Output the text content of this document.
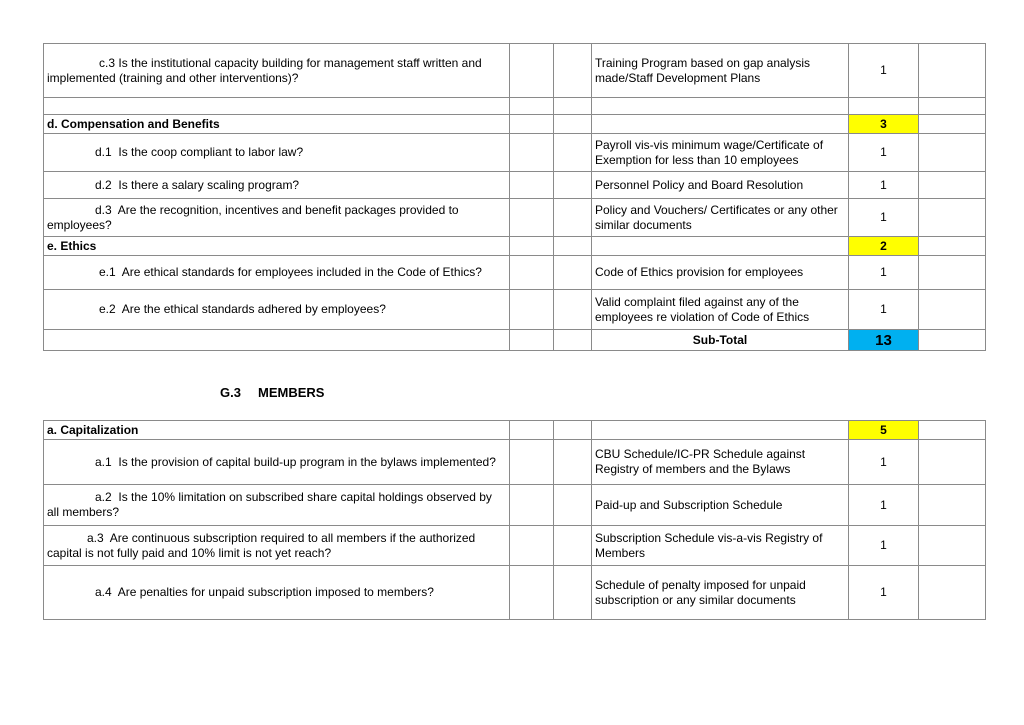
c.3 Is the institutional capacity building for management staff written and implemented (training and other interventions)?			Training Program based on gap analysis made/Staff Development Plans	1	

d. Compensation and Benefits				3	
d.1 Is the coop compliant to labor law?			Payroll vis-vis minimum wage/Certificate of Exemption for less than 10 employees	1	
d.2 Is there a salary scaling program?			Personnel Policy and Board Resolution	1	
d.3 Are the recognition, incentives and benefit packages provided to employees?			Policy and Vouchers/ Certificates or any other similar documents	1	
e. Ethics				2	
e.1 Are ethical standards for employees included in the Code of Ethics?			Code of Ethics provision for employees	1	
e.2 Are the ethical standards adhered by employees?			Valid complaint filed against any of the employees re violation of Code of Ethics	1	
			Sub-Total	13	
G.3 MEMBERS
a. Capitalization				5	
a.1 Is the provision of capital build-up program in the bylaws implemented?			CBU Schedule/IC-PR Schedule against Registry of members and the Bylaws	1	
a.2 Is the 10% limitation on subscribed share capital holdings observed by all members?			Paid-up and Subscription Schedule	1	
a.3 Are continuous subscription required to all members if the authorized capital is not fully paid and 10% limit is not yet reach?			Subscription Schedule vis-a-vis Registry of Members	1	
a.4 Are penalties for unpaid subscription imposed to members?			Schedule of penalty imposed for unpaid subscription or any similar documents	1	
